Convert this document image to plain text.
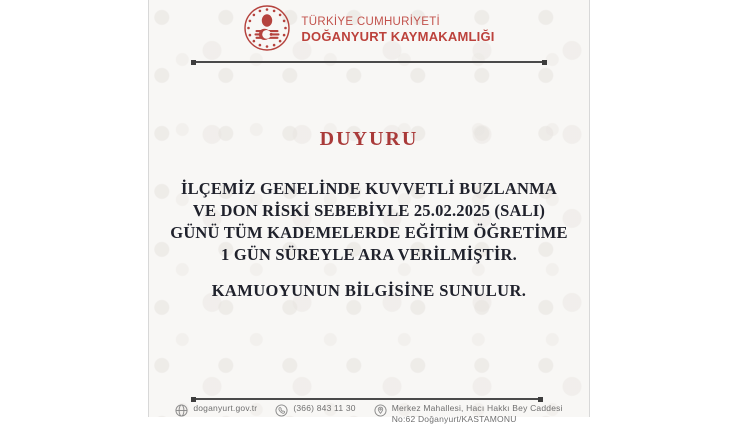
TÜRKİYE CUMHURİYETİ
DOĞANYURT KAYMAKAMLIĞI
DUYURU

İLÇEMİZ GENELİNDE KUVVETLİ BUZLANMA VE DON RİSKİ SEBEBİYLE 25.02.2025 (SALI) GÜNÜ TÜM KADEMELERDE EĞİTİM ÖĞRETİME 1 GÜN SÜREYLE ARA VERİLMİŞTİR.

KAMUOYUNUN BİLGİSİNE SUNULUR.

doganyurt.gov.tr	(366) 843 11 30	Merkez Mahallesi, Hacı Hakkı Bey Caddesi
No:62 Doğanyurt/KASTAMONU
